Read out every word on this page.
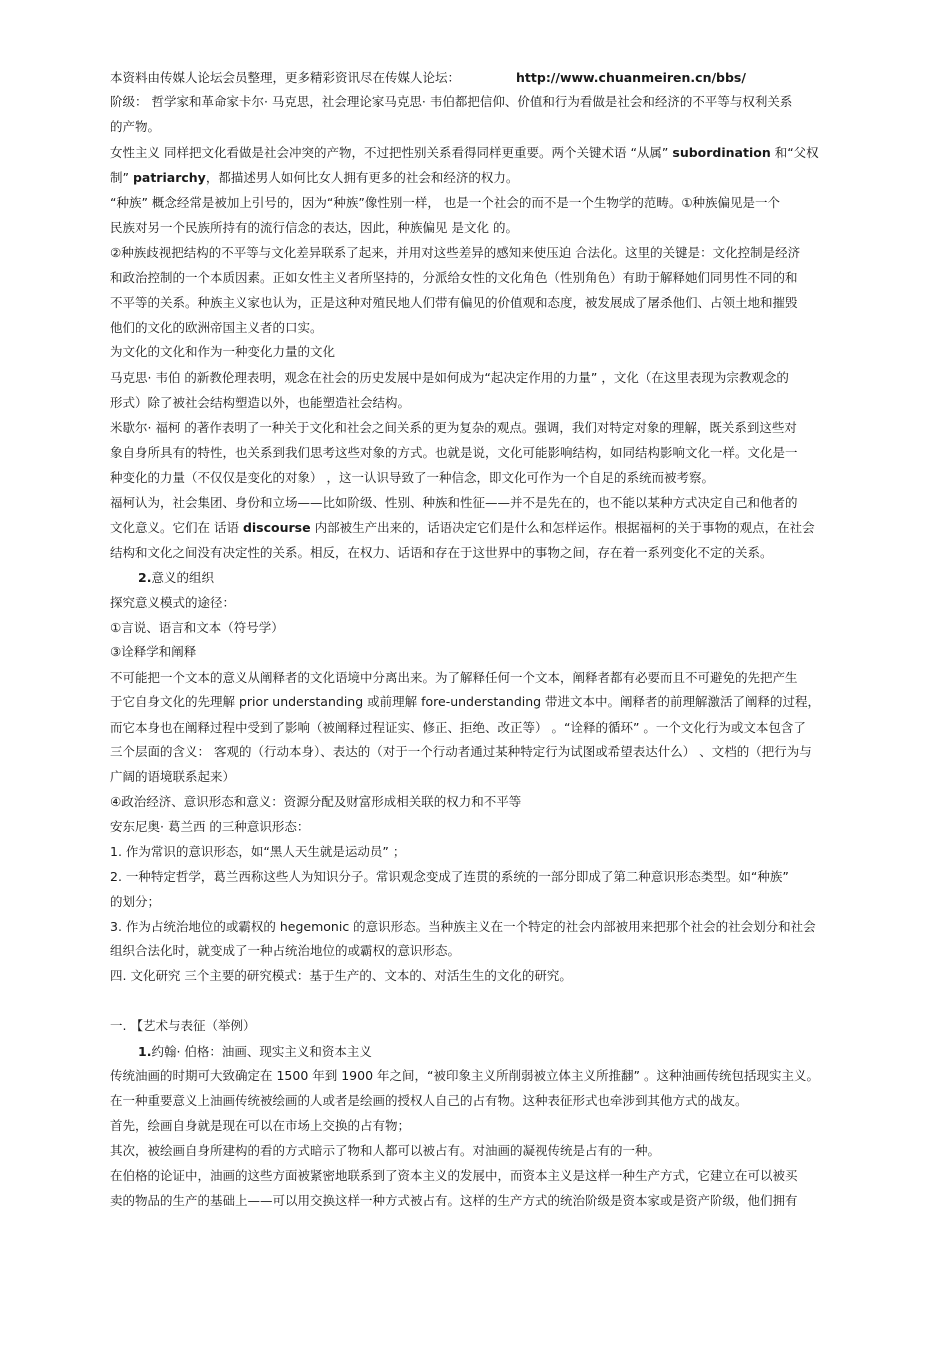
本资料由传媒人论坛会员整理，更多精彩资讯尽在传媒人论坛：	http://www.chuanmeiren.cn/bbs/
阶级： 哲学家和革命家卡尔· 马克思，社会理论家马克思· 韦伯都把信仰、价值和行为看做是社会和经济的不平等与权利关系
的产物。
女性主义 同样把文化看做是社会冲突的产物，不过把性别关系看得同样更重要。两个关键术语 “从属” subordination 和“父权
制” patriarchy，都描述男人如何比女人拥有更多的社会和经济的权力。
“种族” 概念经常是被加上引号的，因为“种族”像性别一样， 也是一个社会的而不是一个生物学的范畴。①种族偏见是一个
民族对另一个民族所持有的流行信念的表达，因此，种族偏见 是文化 的。
②种族歧视把结构的不平等与文化差异联系了起来，并用对这些差异的感知来使压迫 合法化。这里的关键是：文化控制是经济
和政治控制的一个本质因素。正如女性主义者所坚持的，分派给女性的文化角色（性别角色）有助于解释她们同男性不同的和
不平等的关系。种族主义家也认为，正是这种对殖民地人们带有偏见的价值观和态度，被发展成了屠杀他们、占领土地和摧毁
他们的文化的欧洲帝国主义者的口实。
为文化的文化和作为一种变化力量的文化
马克思· 韦伯 的新教伦理表明，观念在社会的历史发展中是如何成为“起决定作用的力量” ，文化（在这里表现为宗教观念的
形式）除了被社会结构塑造以外，也能塑造社会结构。
米歇尔· 福柯 的著作表明了一种关于文化和社会之间关系的更为复杂的观点。强调，我们对特定对象的理解，既关系到这些对
象自身所具有的特性，也关系到我们思考这些对象的方式。也就是说，文化可能影响结构，如同结构影响文化一样。文化是一
种变化的力量（不仅仅是变化的对象） ，这一认识导致了一种信念，即文化可作为一个自足的系统而被考察。
福柯认为，社会集团、身份和立场——比如阶级、性别、种族和性征——并不是先在的，也不能以某种方式决定自己和他者的
文化意义。它们在 话语 discourse 内部被生产出来的，话语决定它们是什么和怎样运作。根据福柯的关于事物的观点，在社会
结构和文化之间没有决定性的关系。相反，在权力、话语和存在于这世界中的事物之间，存在着一系列变化不定的关系。
2.意义的组织
探究意义模式的途径：
①言说、语言和文本（符号学）
③诠释学和阐释
不可能把一个文本的意义从阐释者的文化语境中分离出来。为了解释任何一个文本，阐释者都有必要而且不可避免的先把产生
于它自身文化的先理解 prior understanding 或前理解 fore-understanding 带进文本中。阐释者的前理解激活了阐释的过程，
而它本身也在阐释过程中受到了影响（被阐释过程证实、修正、拒绝、改正等） 。“诠释的循环” 。一个文化行为或文本包含了
三个层面的含义： 客观的（行动本身）、表达的（对于一个行动者通过某种特定行为试图或希望表达什么） 、文档的（把行为与
广阔的语境联系起来）
④政治经济、意识形态和意义：资源分配及财富形成相关联的权力和不平等
安东尼奥· 葛兰西 的三种意识形态：
1. 作为常识的意识形态，如“黑人天生就是运动员” ；
2. 一种特定哲学，葛兰西称这些人为知识分子。常识观念变成了连贯的系统的一部分即成了第二种意识形态类型。如“种族”
的划分；
3. 作为占统治地位的或霸权的 hegemonic 的意识形态。当种族主义在一个特定的社会内部被用来把那个社会的社会划分和社会
组织合法化时，就变成了一种占统治地位的或霸权的意识形态。
四. 文化研究 三个主要的研究模式：基于生产的、文本的、对活生生的文化的研究。
一. 【艺术与表征（举例）
1.约翰· 伯格：油画、现实主义和资本主义
传统油画的时期可大致确定在 1500 年到 1900 年之间，“被印象主义所削弱被立体主义所推翻” 。这种油画传统包括现实主义。
在一种重要意义上油画传统被绘画的人或者是绘画的授权人自己的占有物。这种表征形式也牵涉到其他方式的战友。
首先，绘画自身就是现在可以在市场上交换的占有物；
其次，被绘画自身所建构的看的方式暗示了物和人都可以被占有。对油画的凝视传统是占有的一种。
在伯格的论证中，油画的这些方面被紧密地联系到了资本主义的发展中，而资本主义是这样一种生产方式，它建立在可以被买
卖的物品的生产的基础上——可以用交换这样一种方式被占有。这样的生产方式的统治阶级是资本家或是资产阶级，他们拥有
